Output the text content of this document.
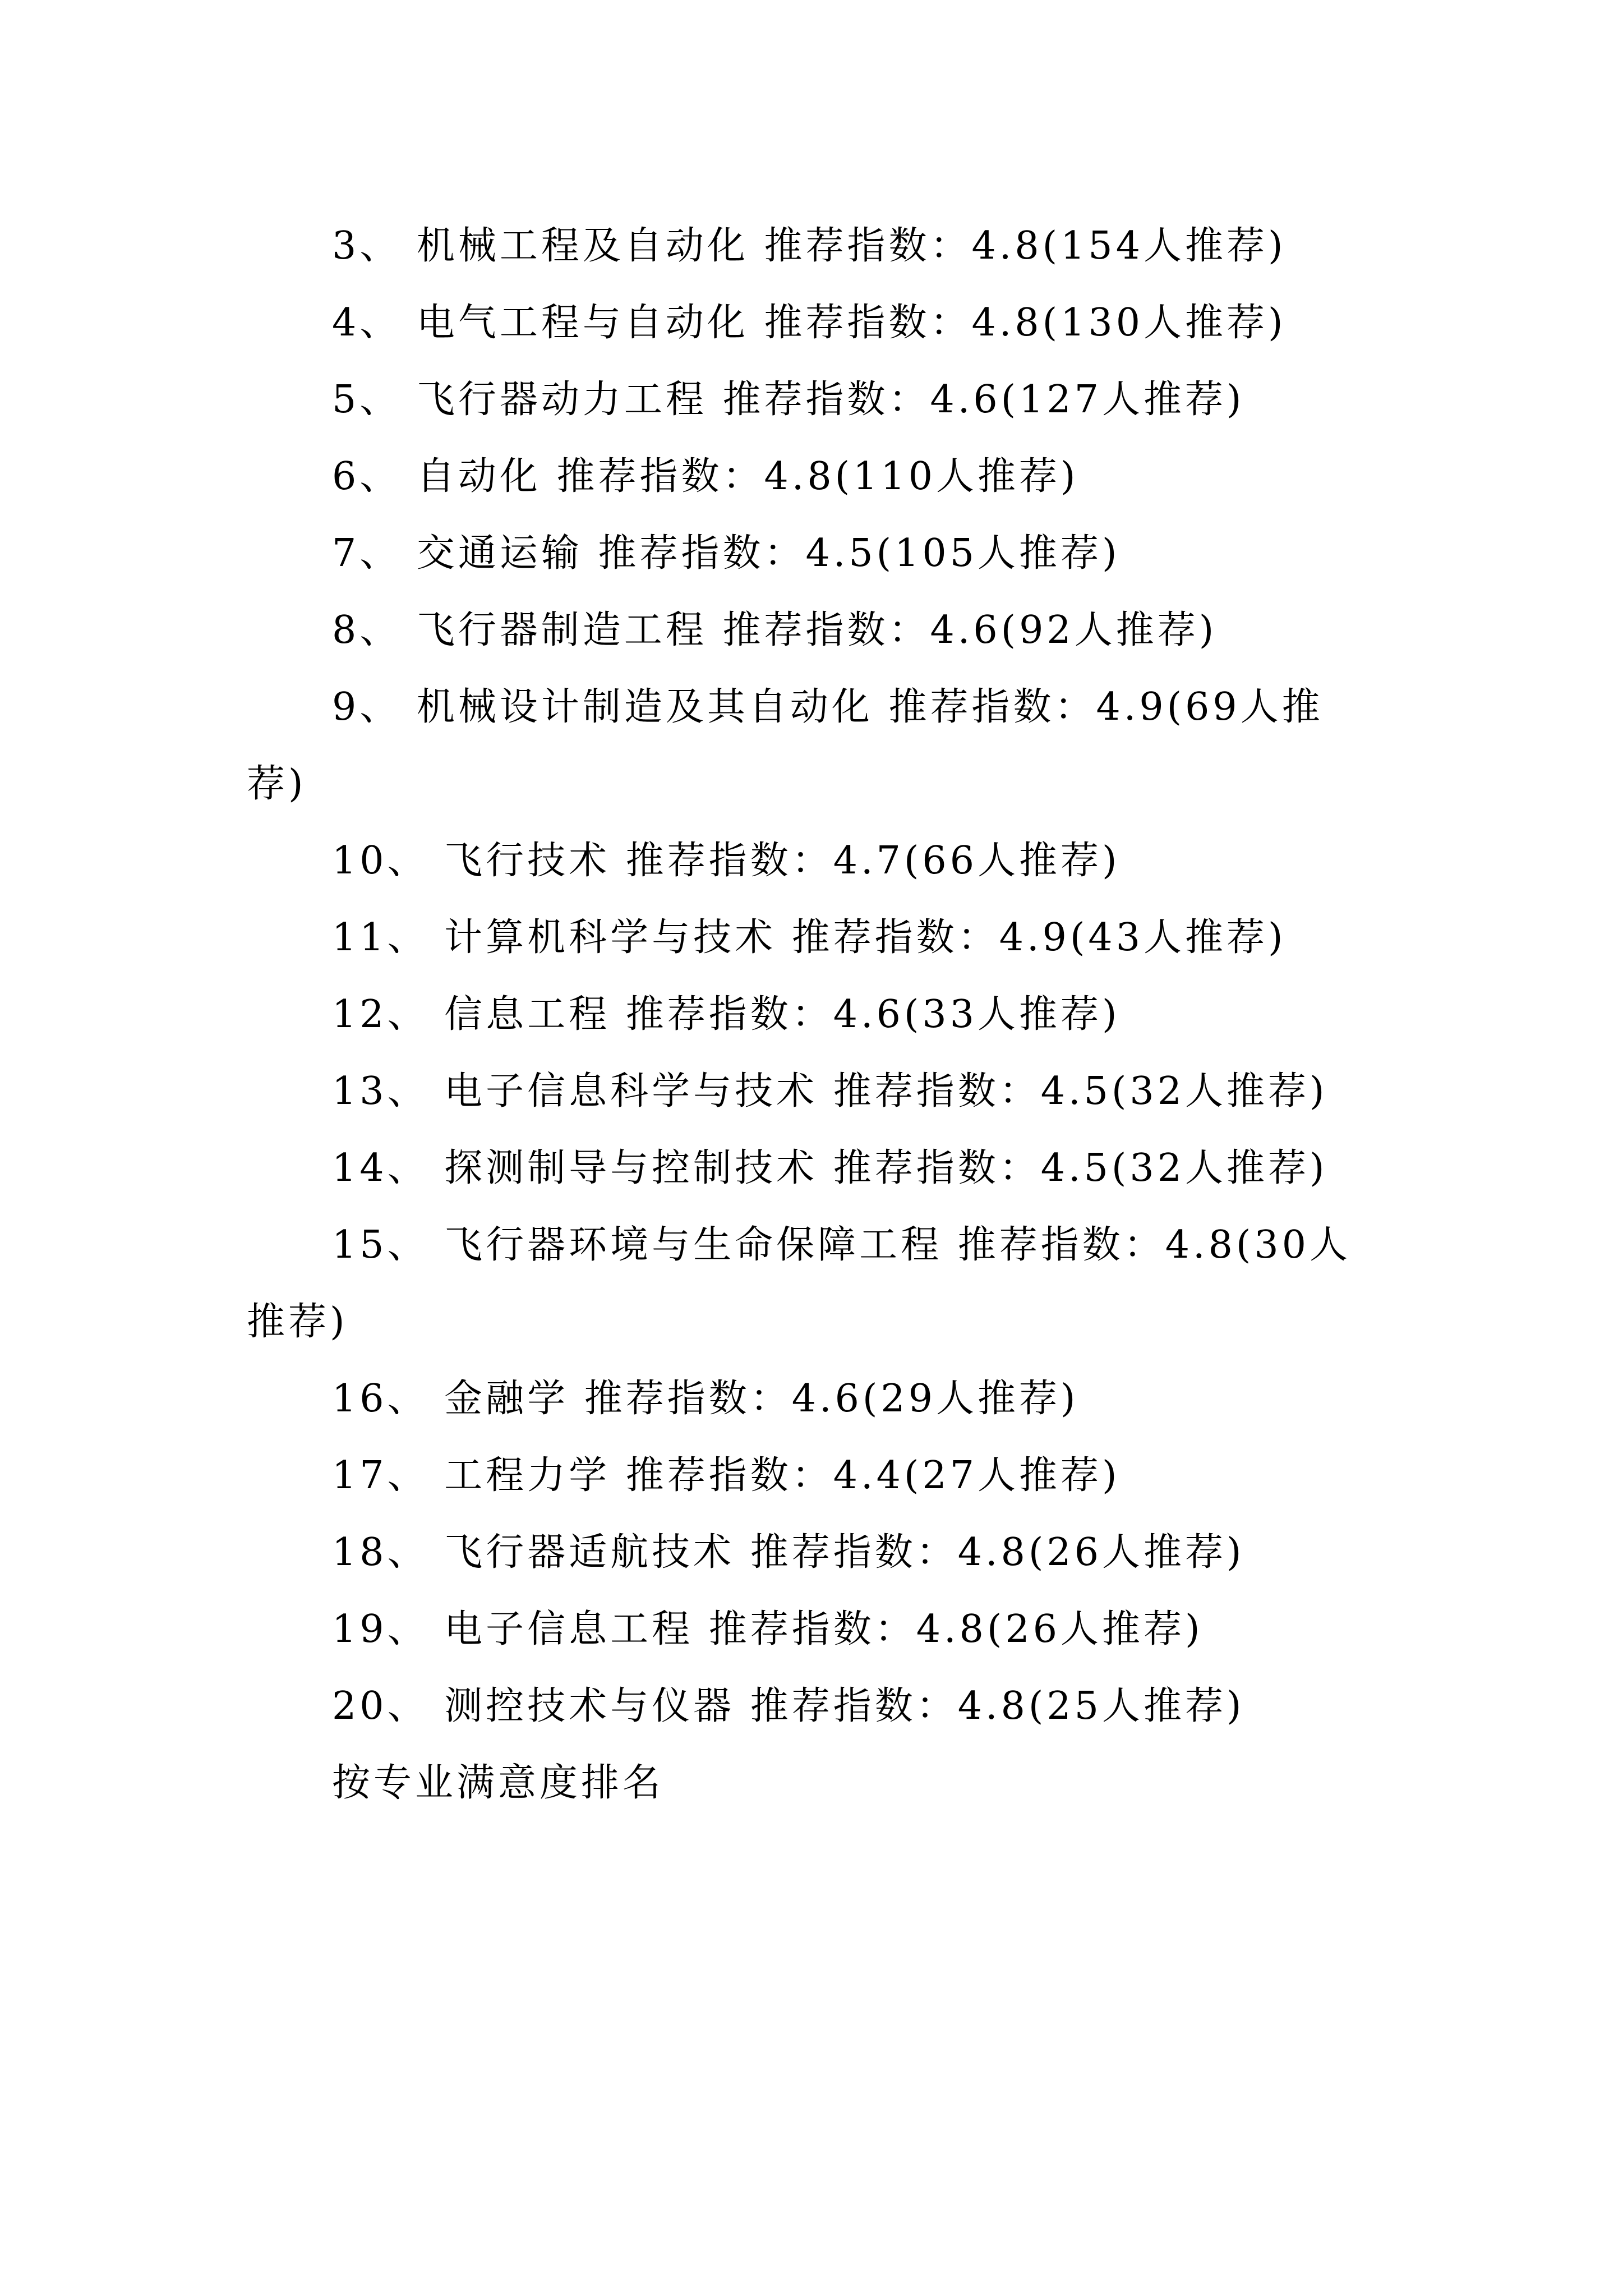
3、 机械工程及自动化 推荐指数：4.8(154人推荐)

4、 电气工程与自动化 推荐指数：4.8(130人推荐)

5、 飞行器动力工程 推荐指数：4.6(127人推荐)

6、 自动化 推荐指数：4.8(110人推荐)

7、 交通运输 推荐指数：4.5(105人推荐)

8、 飞行器制造工程 推荐指数：4.6(92人推荐)

9、 机械设计制造及其自动化 推荐指数：4.9(69人推荐)

10、 飞行技术 推荐指数：4.7(66人推荐)

11、 计算机科学与技术 推荐指数：4.9(43人推荐)

12、 信息工程 推荐指数：4.6(33人推荐)

13、 电子信息科学与技术 推荐指数：4.5(32人推荐)

14、 探测制导与控制技术 推荐指数：4.5(32人推荐)

15、 飞行器环境与生命保障工程 推荐指数：4.8(30人推荐)

16、 金融学 推荐指数：4.6(29人推荐)

17、 工程力学 推荐指数：4.4(27人推荐)

18、 飞行器适航技术 推荐指数：4.8(26人推荐)

19、 电子信息工程 推荐指数：4.8(26人推荐)

20、 测控技术与仪器 推荐指数：4.8(25人推荐)

按专业满意度排名
